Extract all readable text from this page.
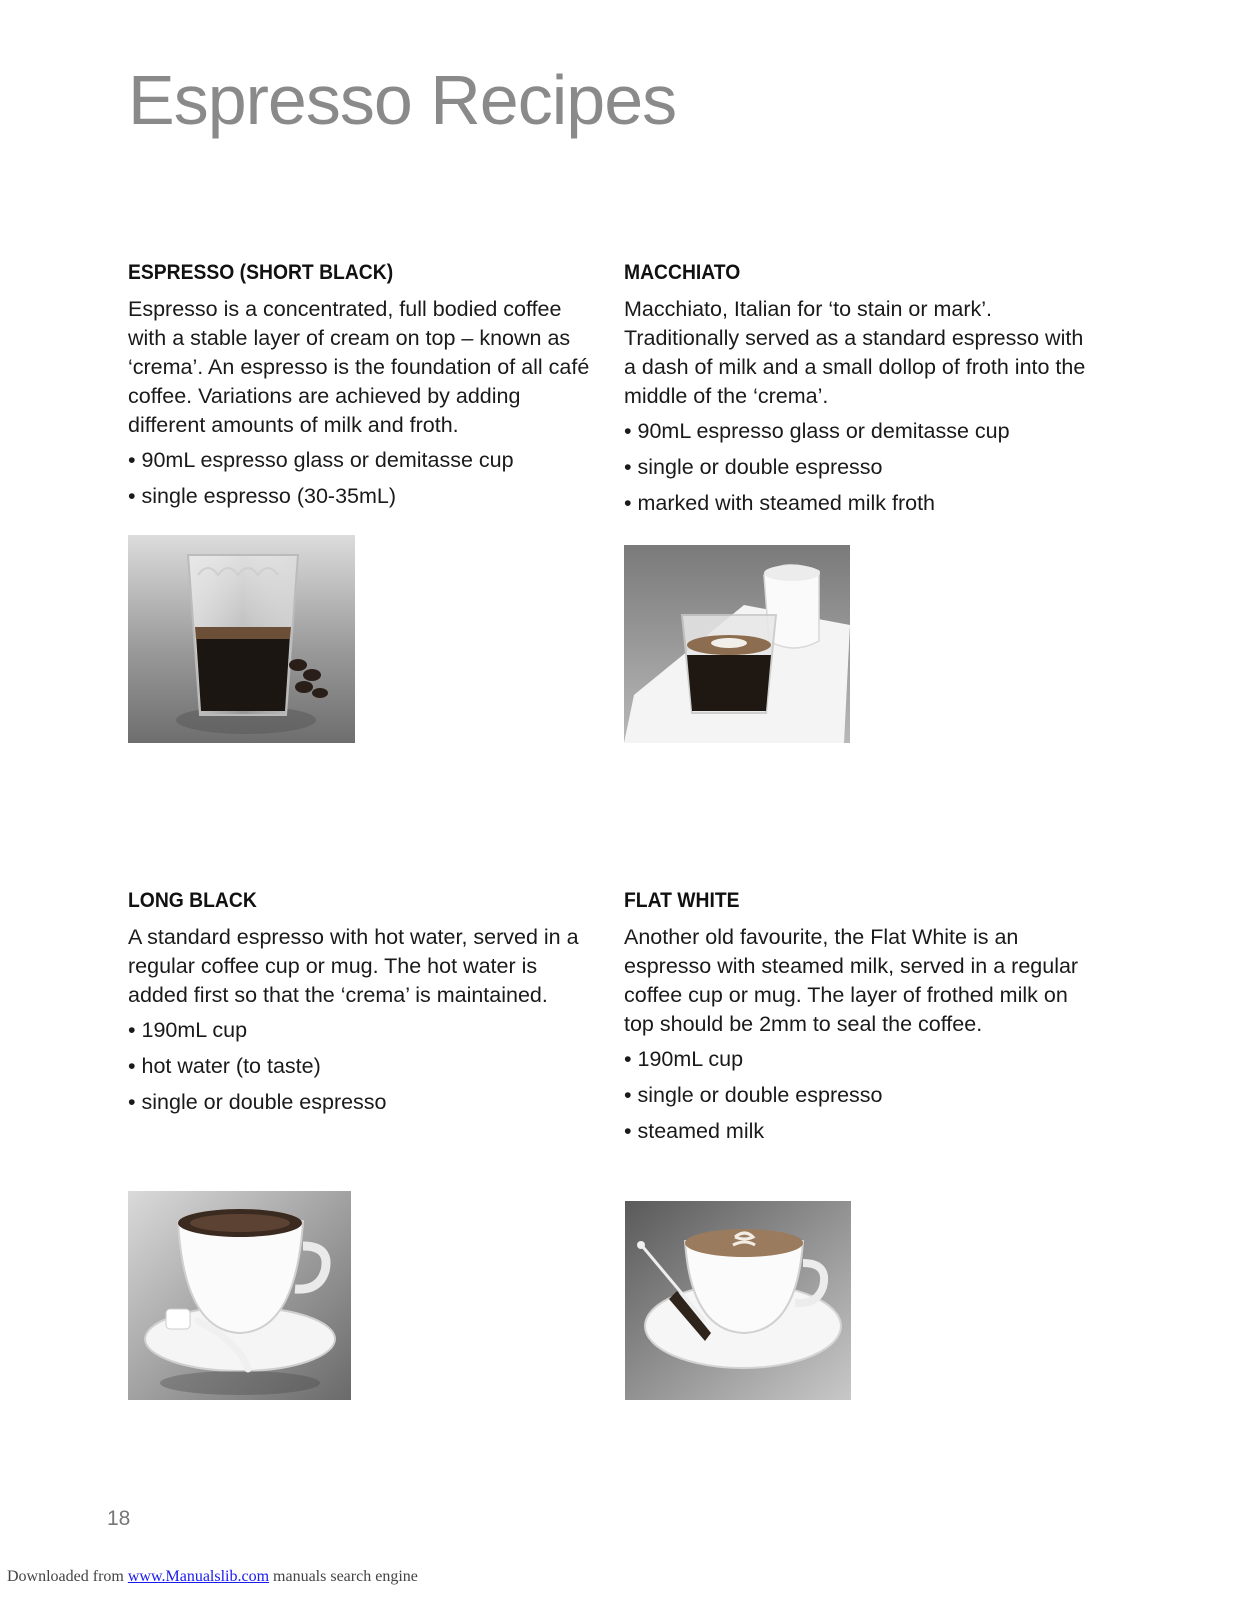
Espresso Recipes
ESPRESSO (SHORT BLACK)

Espresso is a concentrated, full bodied coffee with a stable layer of cream on top – known as ‘crema’. An espresso is the foundation of all café coffee. Variations are achieved by adding different amounts of milk and froth.

• 90mL espresso glass or demitasse cup
• single espresso (30-35mL)
MACCHIATO

Macchiato, Italian for ‘to stain or mark’. Traditionally served as a standard espresso with a dash of milk and a small dollop of froth into the middle of the ‘crema’.

• 90mL espresso glass or demitasse cup
• single or double espresso
• marked with steamed milk froth
LONG BLACK

A standard espresso with hot water, served in a regular coffee cup or mug. The hot water is added first so that the ‘crema’ is maintained.

• 190mL cup
• hot water (to taste)
• single or double espresso
FLAT WHITE

Another old favourite, the Flat White is an espresso with steamed milk, served in a regular coffee cup or mug. The layer of frothed milk on top should be 2mm to seal the coffee.

• 190mL cup
• single or double espresso
• steamed milk
18
Downloaded from www.Manualslib.com manuals search engine
